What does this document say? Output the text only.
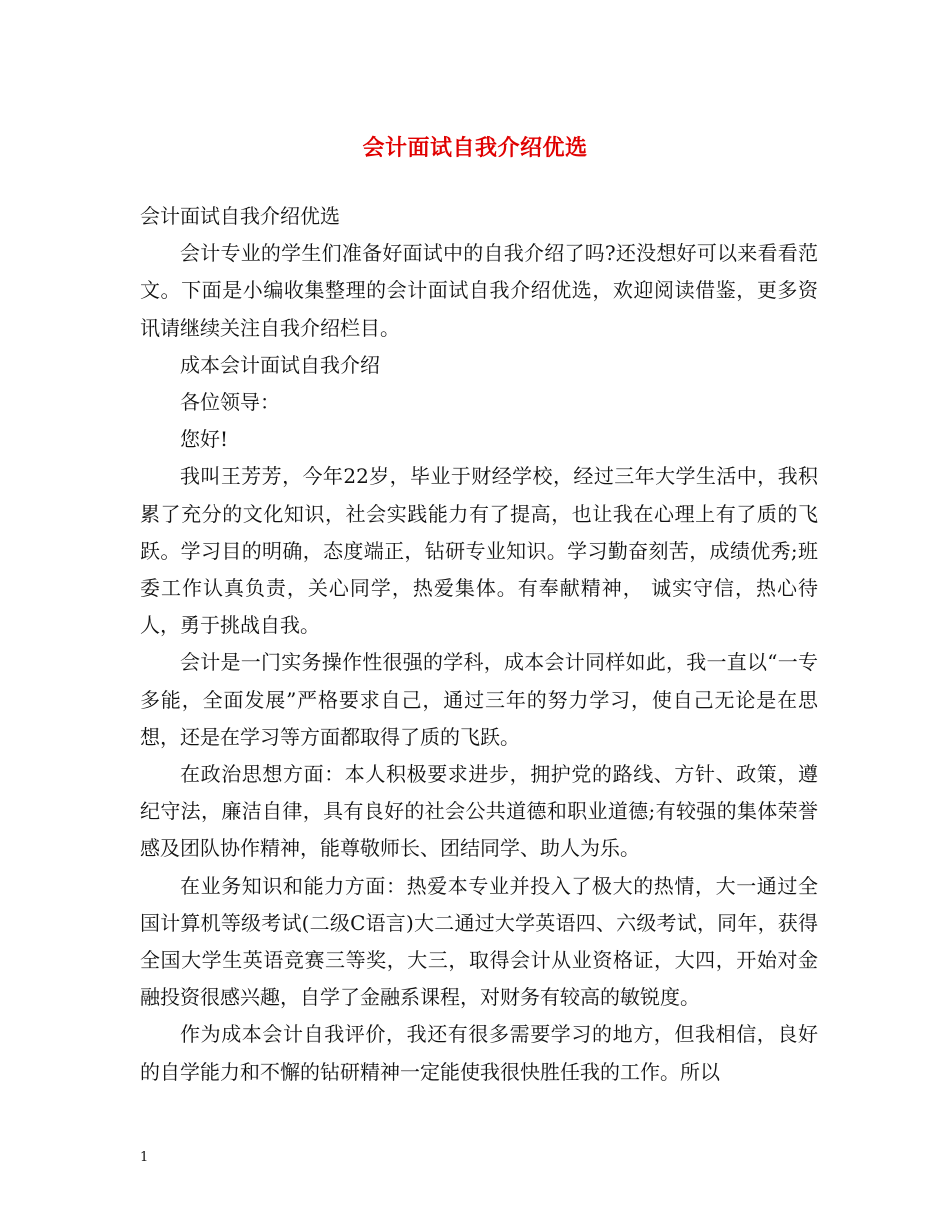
会计面试自我介绍优选

会计面试自我介绍优选

会计专业的学生们准备好面试中的自我介绍了吗?还没想好可以来看看范文。下面是小编收集整理的会计面试自我介绍优选，欢迎阅读借鉴，更多资讯请继续关注自我介绍栏目。

成本会计面试自我介绍

各位领导：

您好!

我叫王芳芳，今年22岁，毕业于财经学校，经过三年大学生活中，我积累了充分的文化知识，社会实践能力有了提高，也让我在心理上有了质的飞跃。学习目的明确，态度端正，钻研专业知识。学习勤奋刻苦，成绩优秀;班委工作认真负责，关心同学，热爱集体。有奉献精神， 诚实守信，热心待人，勇于挑战自我。

会计是一门实务操作性很强的学科，成本会计同样如此，我一直以“一专多能，全面发展”严格要求自己，通过三年的努力学习，使自己无论是在思想，还是在学习等方面都取得了质的飞跃。

在政治思想方面：本人积极要求进步，拥护党的路线、方针、政策，遵纪守法，廉洁自律，具有良好的社会公共道德和职业道德;有较强的集体荣誉感及团队协作精神，能尊敬师长、团结同学、助人为乐。

在业务知识和能力方面：热爱本专业并投入了极大的热情，大一通过全国计算机等级考试(二级C语言)大二通过大学英语四、六级考试，同年，获得全国大学生英语竞赛三等奖，大三，取得会计从业资格证，大四，开始对金融投资很感兴趣，自学了金融系课程，对财务有较高的敏锐度。

作为成本会计自我评价，我还有很多需要学习的地方，但我相信，良好的自学能力和不懈的钻研精神一定能使我很快胜任我的工作。所以

1
